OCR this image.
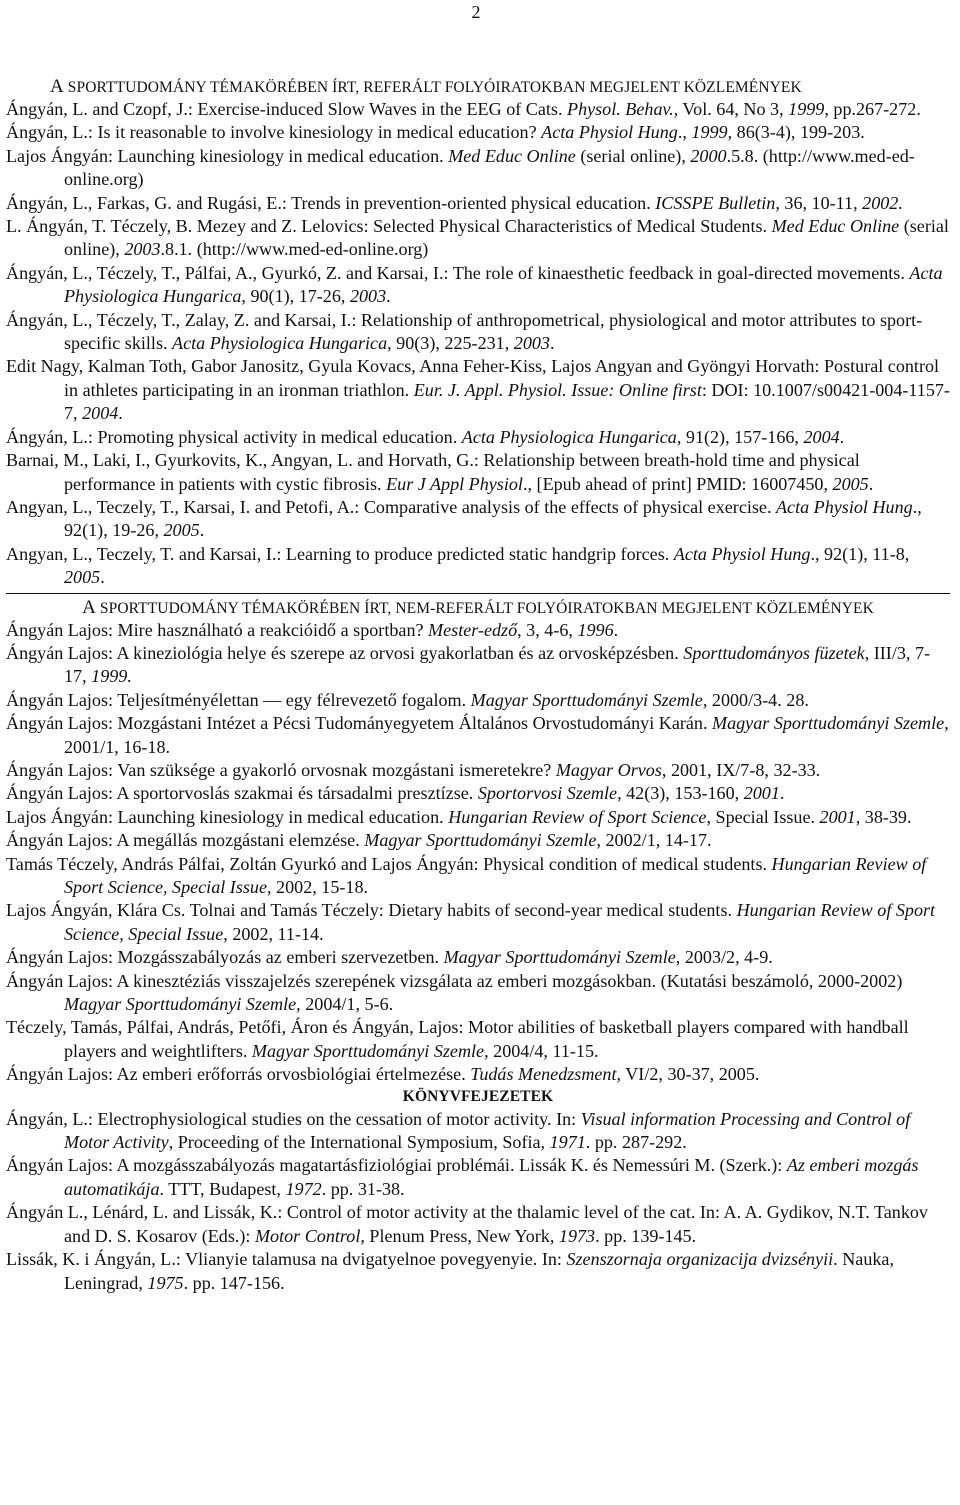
2
A SPORTTUDOMÁNY TÉMAKÖRÉBEN ÍRT, REFERÁLT FOLYÓIRATOKBAN MEGJELENT KÖZLEMÉNYEK

Ángyán, L. and Czopf, J.: Exercise-induced Slow Waves in the EEG of Cats. Physol. Behav., Vol. 64, No 3, 1999, pp.267-272.

Ángyán, L.: Is it reasonable to involve kinesiology in medical education? Acta Physiol Hung., 1999, 86(3-4), 199-203.

Lajos Ángyán: Launching kinesiology in medical education. Med Educ Online (serial online), 2000.5.8. (http://www.med-ed-online.org)

Ángyán, L., Farkas, G. and Rugási, E.: Trends in prevention-oriented physical education. ICSSPE Bulletin, 36, 10-11, 2002.

L. Ángyán, T. Téczely, B. Mezey and Z. Lelovics: Selected Physical Characteristics of Medical Students. Med Educ Online (serial online), 2003.8.1. (http://www.med-ed-online.org)

Ángyán, L., Téczely, T., Pálfai, A., Gyurkó, Z. and Karsai, I.: The role of kinaesthetic feedback in goal-directed movements. Acta Physiologica Hungarica, 90(1), 17-26, 2003.

Ángyán, L., Téczely, T., Zalay, Z. and Karsai, I.: Relationship of anthropometrical, physiological and motor attributes to sport-specific skills. Acta Physiologica Hungarica, 90(3), 225-231, 2003.

Edit Nagy, Kalman Toth, Gabor Janositz, Gyula Kovacs, Anna Feher-Kiss, Lajos Angyan and Gyöngyi Horvath: Postural control in athletes participating in an ironman triathlon. Eur. J. Appl. Physiol. Issue: Online first: DOI: 10.1007/s00421-004-1157-7, 2004.

Ángyán, L.: Promoting physical activity in medical education. Acta Physiologica Hungarica, 91(2), 157-166, 2004.

Barnai, M., Laki, I., Gyurkovits, K., Angyan, L. and Horvath, G.: Relationship between breath-hold time and physical performance in patients with cystic fibrosis. Eur J Appl Physiol., [Epub ahead of print] PMID: 16007450, 2005.

Angyan, L., Teczely, T., Karsai, I. and Petofi, A.: Comparative analysis of the effects of physical exercise. Acta Physiol Hung., 92(1), 19-26, 2005.

Angyan, L., Teczely, T. and Karsai, I.: Learning to produce predicted static handgrip forces. Acta Physiol Hung., 92(1), 11-8, 2005.

A SPORTTUDOMÁNY TÉMAKÖRÉBEN ÍRT, NEM-REFERÁLT FOLYÓIRATOKBAN MEGJELENT KÖZLEMÉNYEK

Ángyán Lajos: Mire használható a reakcióidő a sportban? Mester-edző, 3, 4-6, 1996.

Ángyán Lajos: A kineziológia helye és szerepe az orvosi gyakorlatban és az orvosképzésben. Sporttudományos füzetek, III/3, 7-17, 1999.

Ángyán Lajos: Teljesítményélettan — egy félrevezető fogalom. Magyar Sporttudományi Szemle, 2000/3-4. 28.

Ángyán Lajos: Mozgástani Intézet a Pécsi Tudományegyetem Általános Orvostudományi Karán. Magyar Sporttudományi Szemle, 2001/1, 16-18.

Ángyán Lajos: Van szüksége a gyakorló orvosnak mozgástani ismeretekre? Magyar Orvos, 2001, IX/7-8, 32-33.

Ángyán Lajos: A sportorvoslás szakmai és társadalmi presztízse. Sportorvosi Szemle, 42(3), 153-160, 2001.

Lajos Ángyán: Launching kinesiology in medical education. Hungarian Review of Sport Science, Special Issue. 2001, 38-39.

Ángyán Lajos: A megállás mozgástani elemzése. Magyar Sporttudományi Szemle, 2002/1, 14-17.

Tamás Téczely, András Pálfai, Zoltán Gyurkó and Lajos Ángyán: Physical condition of medical students. Hungarian Review of Sport Science, Special Issue, 2002, 15-18.

Lajos Ángyán, Klára Cs. Tolnai and Tamás Téczely: Dietary habits of second-year medical students. Hungarian Review of Sport Science, Special Issue, 2002, 11-14.

Ángyán Lajos: Mozgásszabályozás az emberi szervezetben. Magyar Sporttudományi Szemle, 2003/2, 4-9.

Ángyán Lajos: A kinesztéziás visszajelzés szerepének vizsgálata az emberi mozgásokban. (Kutatási beszámoló, 2000-2002) Magyar Sporttudományi Szemle, 2004/1, 5-6.

Téczely, Tamás, Pálfai, András, Petőfi, Áron és Ángyán, Lajos: Motor abilities of basketball players compared with handball players and weightlifters. Magyar Sporttudományi Szemle, 2004/4, 11-15.

Ángyán Lajos: Az emberi erőforrás orvosbiológiai értelmezése. Tudás Menedzsment, VI/2, 30-37, 2005.

KÖNYVFEJEZETEK

Ángyán, L.: Electrophysiological studies on the cessation of motor activity. In: Visual information Processing and Control of Motor Activity, Proceeding of the International Symposium, Sofia, 1971. pp. 287-292.

Ángyán Lajos: A mozgásszabályozás magatartásfiziológiai problémái. Lissák K. és Nemessúri M. (Szerk.): Az emberi mozgás automatikája. TTT, Budapest, 1972. pp. 31-38.

Ángyán L., Lénárd, L. and Lissák, K.: Control of motor activity at the thalamic level of the cat. In: A. A. Gydikov, N.T. Tankov and D. S. Kosarov (Eds.): Motor Control, Plenum Press, New York, 1973. pp. 139-145.

Lissák, K. i Ángyán, L.: Vlianyie talamusa na dvigatyelnoe povegyenyie. In: Szenszornaja organizacija dvizsényii. Nauka, Leningrad, 1975. pp. 147-156.
